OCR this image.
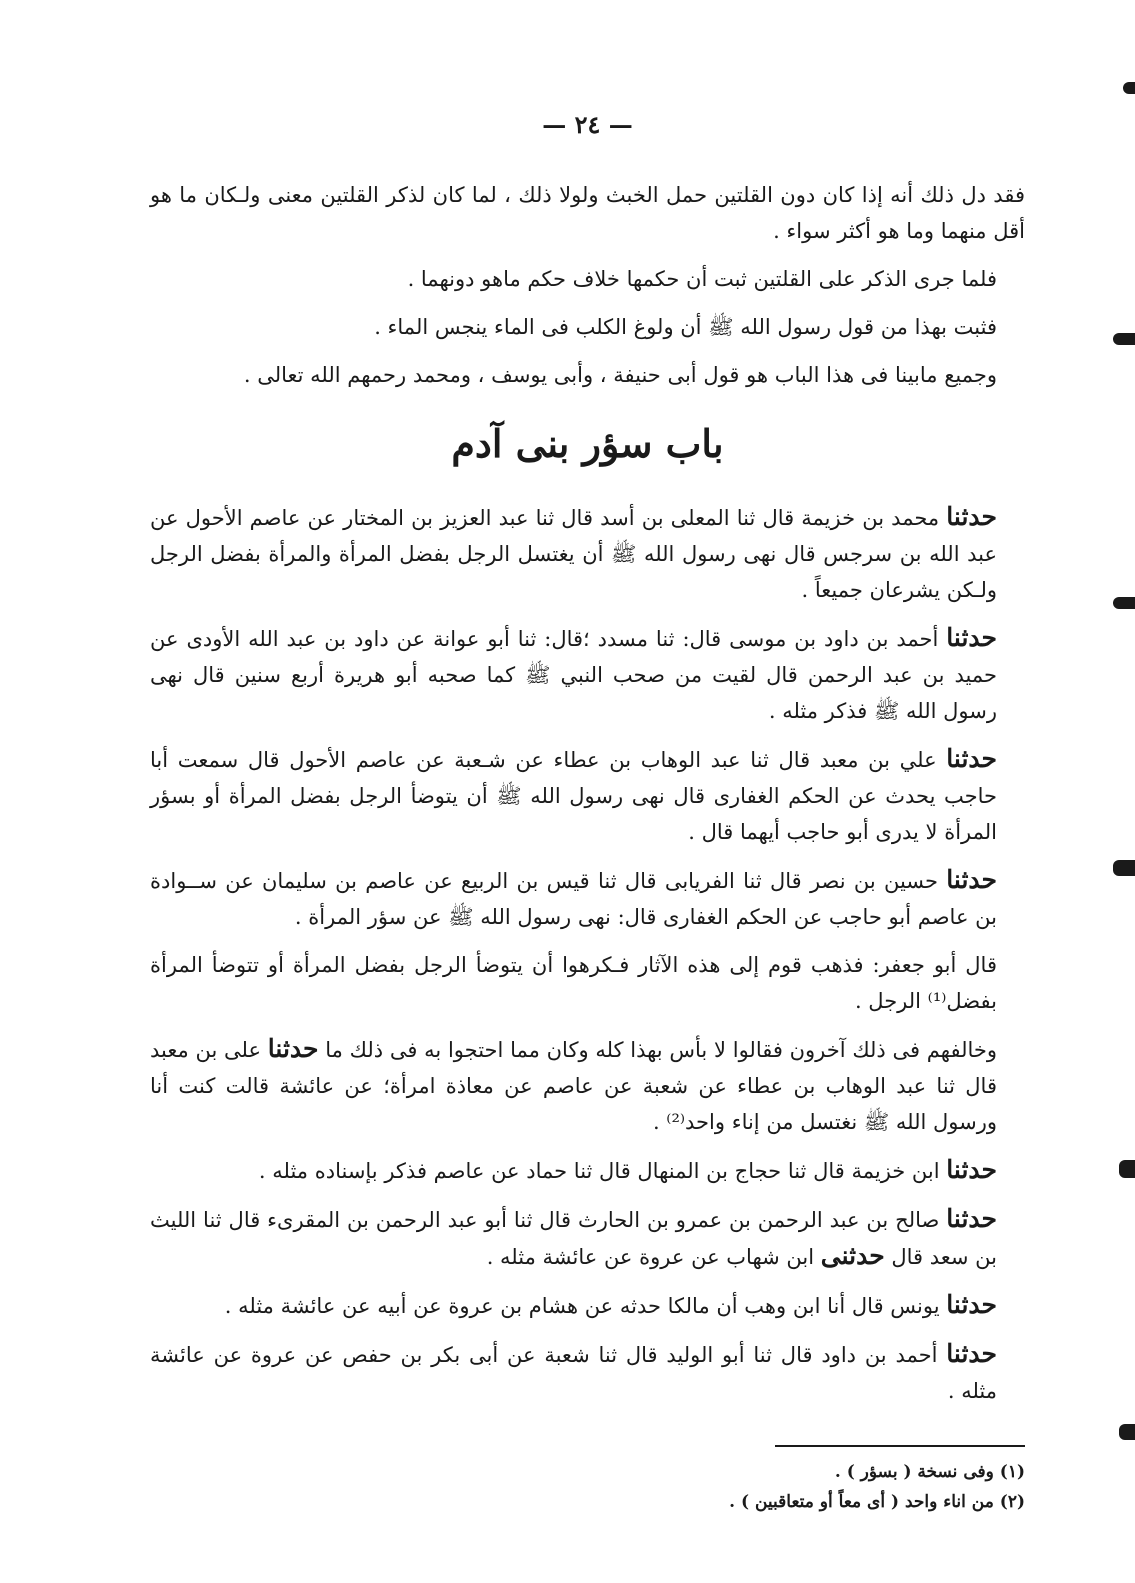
— ٢٤ —

فقد دل ذلك أنه إذا كان دون القلتين حمل الخبث ولولا ذلك ، لما كان لذكر القلتين معنى ولـكان ما هو أقل منهما وما هو أكثر سواء .

فلما جرى الذكر على القلتين ثبت أن حكمها خلاف حكم ماهو دونهما .

فثبت بهذا من قول رسول الله ﷺ أن ولوغ الكلب فى الماء ينجس الماء .

وجميع مابينا فى هذا الباب هو قول أبى حنيفة ، وأبى يوسف ، ومحمد رحمهم الله تعالى .

باب سؤر بنى آدم

حدثنا محمد بن خزيمة قال ثنا المعلى بن أسد قال ثنا عبد العزيز بن المختار عن عاصم الأحول عن عبد الله بن سرجس قال نهى رسول الله ﷺ أن يغتسل الرجل بفضل المرأة والمرأة بفضل الرجل ولـكن يشرعان جميعاً .

حدثنا أحمد بن داود بن موسى قال: ثنا مسدد ؛قال: ثنا أبو عوانة عن داود بن عبد الله الأودى عن حميد بن عبد الرحمن قال لقيت من صحب النبي ﷺ كما صحبه أبو هريرة أربع سنين قال نهى رسول الله ﷺ فذكر مثله .

حدثنا علي بن معبد قال ثنا عبد الوهاب بن عطاء عن شـعبة عن عاصم الأحول قال سمعت أبا حاجب يحدث عن الحكم الغفارى قال نهى رسول الله ﷺ أن يتوضأ الرجل بفضل المرأة أو بسؤر المرأة لا يدرى أبو حاجب أيهما قال .

حدثنا حسين بن نصر قال ثنا الفريابى قال ثنا قيس بن الربيع عن عاصم بن سليمان عن ســوادة بن عاصم أبو حاجب عن الحكم الغفارى قال: نهى رسول الله ﷺ عن سؤر المرأة .

قال أبو جعفر: فذهب قوم إلى هذه الآثار فـكرهوا أن يتوضأ الرجل بفضل المرأة أو تتوضأ المرأة بفضل⁽¹⁾ الرجل .

وخالفهم فى ذلك آخرون فقالوا لا بأس بهذا كله وكان مما احتجوا به فى ذلك ما حدثنا على بن معبد قال ثنا عبد الوهاب بن عطاء عن شعبة عن عاصم عن معاذة امرأة؛ عن عائشة قالت كنت أنا ورسول الله ﷺ نغتسل من إناء واحد⁽²⁾ .

حدثنا ابن خزيمة قال ثنا حجاج بن المنهال قال ثنا حماد عن عاصم فذكر بإسناده مثله .

حدثنا صالح بن عبد الرحمن بن عمرو بن الحارث قال ثنا أبو عبد الرحمن بن المقرىء قال ثنا الليث بن سعد قال حدثنى ابن شهاب عن عروة عن عائشة مثله .

حدثنا يونس قال أنا ابن وهب أن مالكا حدثه عن هشام بن عروة عن أبيه عن عائشة مثله .

حدثنا أحمد بن داود قال ثنا أبو الوليد قال ثنا شعبة عن أبى بكر بن حفص عن عروة عن عائشة مثله .

(١) وفى نسخة ( بسؤر ) .
(٢) من اناء واحد ( أى معاً أو متعاقبين ) .
